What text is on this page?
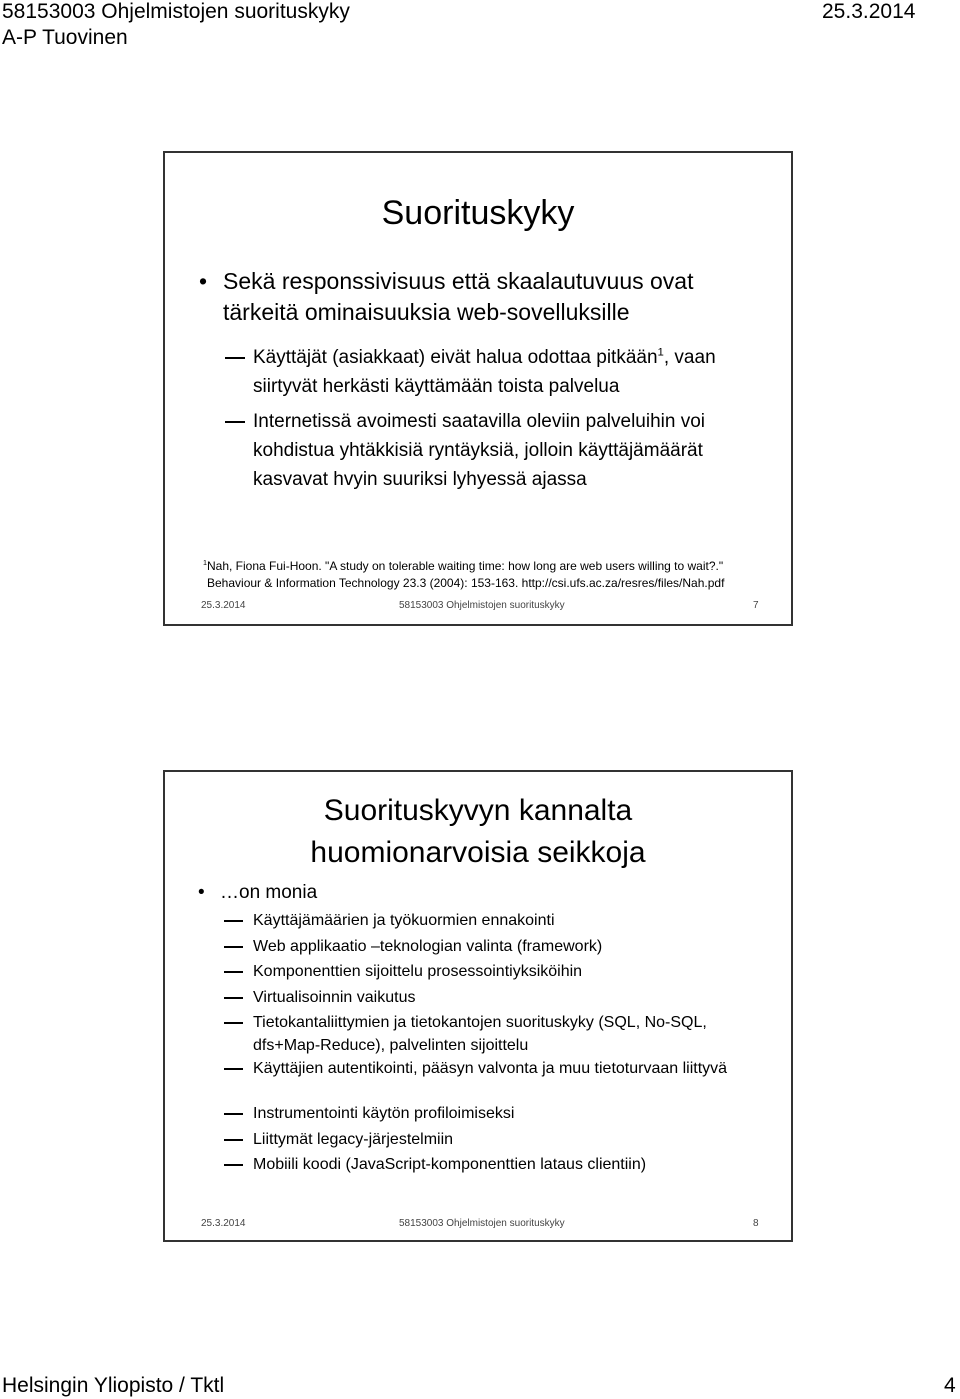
58153003 Ohjelmistojen suorituskyky	25.3.2014
A-P Tuovinen
Suorituskyky
• Sekä responssivisuus että skaalautuvuus ovat tärkeitä ominaisuuksia web-sovelluksille
Käyttäjät (asiakkaat) eivät halua odottaa pitkään$^1$, vaan siirtyvät herkästi käyttämään toista palvelua
Internetissä avoimesti saatavilla oleviin palveluihin voi kohdistua yhtäkkisiä ryntäyksiä, jolloin käyttäjämäärät kasvavat hvyin suuriksi lyhyessä ajassa
$^1$Nah, Fiona Fui-Hoon. "A study on tolerable waiting time: how long are web users willing to wait?."
Behaviour & Information Technology 23.3 (2004): 153-163. http://csi.ufs.ac.za/resres/files/Nah.pdf
25.3.2014	58153003 Ohjelmistojen suorituskyky	7
Suorituskyvyn kannalta
huomionarvoisia seikkoja
• …on monia
Käyttäjämäärien ja työkuormien ennakointi
Web applikaatio –teknologian valinta (framework)
Komponenttien sijoittelu prosessointiyksiköihin
Virtualisoinnin vaikutus
Tietokantaliittymien ja tietokantojen suorituskyky (SQL, No-SQL, dfs+Map-Reduce), palvelinten sijoittelu
Käyttäjien autentikointi, pääsyn valvonta ja muu tietoturvaan liittyvä
Instrumentointi käytön profiloimiseksi
Liittymät legacy-järjestelmiin
Mobiili koodi (JavaScript-komponenttien lataus clientiin)
25.3.2014	58153003 Ohjelmistojen suorituskyky	8
Helsingin Yliopisto / Tktl	4
